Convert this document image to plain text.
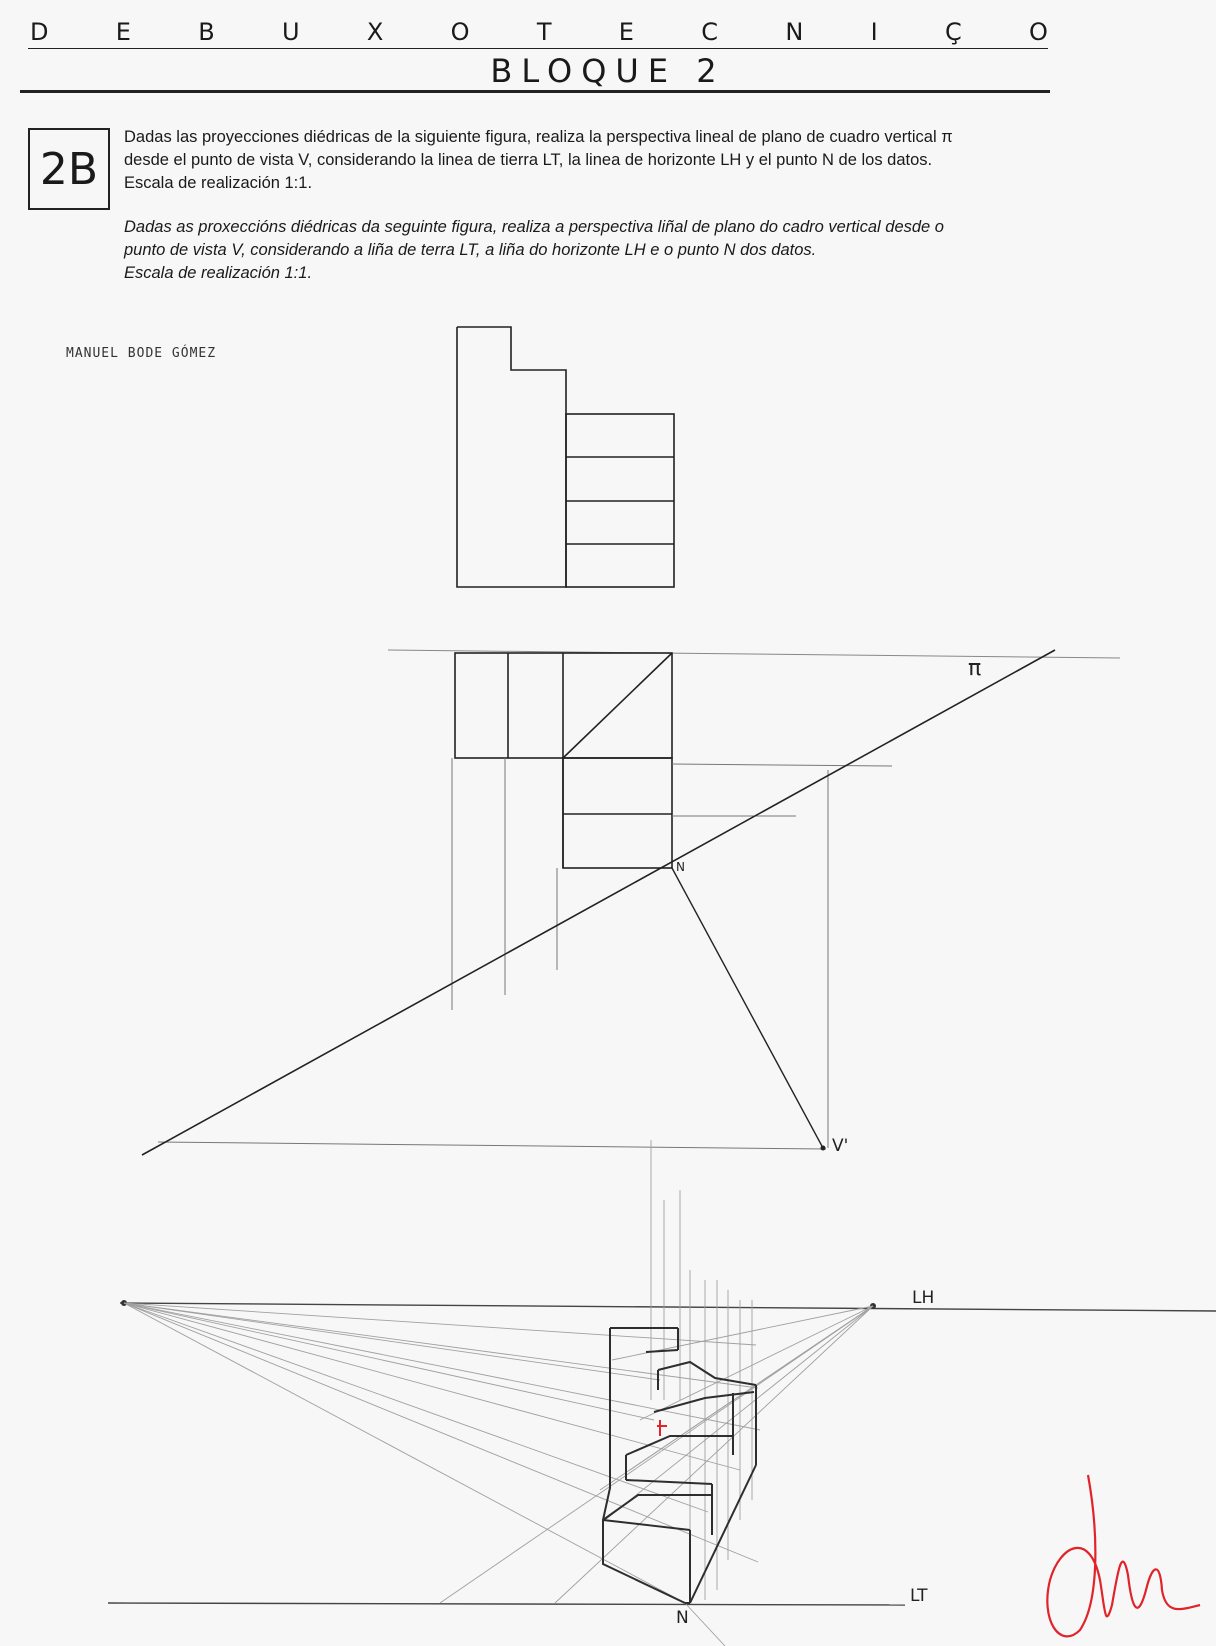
D	E	B	U	X	O	T	E	C	N	I	Ç	O
BLOQUE 2
2B
Dadas las proyecciones diédricas de la siguiente figura, realiza la perspectiva lineal de plano de cuadro vertical π
desde el punto de vista V, considerando la linea de tierra LT, la linea de horizonte LH y el punto N de los datos.
Escala de realización 1:1.
Dadas as proxeccións diédricas da seguinte figura, realiza a perspectiva liñal de plano do cadro vertical desde o
punto de vista V, considerando a liña de terra LT, a liña do horizonte LH e o punto N dos datos.
Escala de realización 1:1.
MANUEL BODE GÓMEZ
π
N
V'
LH
LT
N
